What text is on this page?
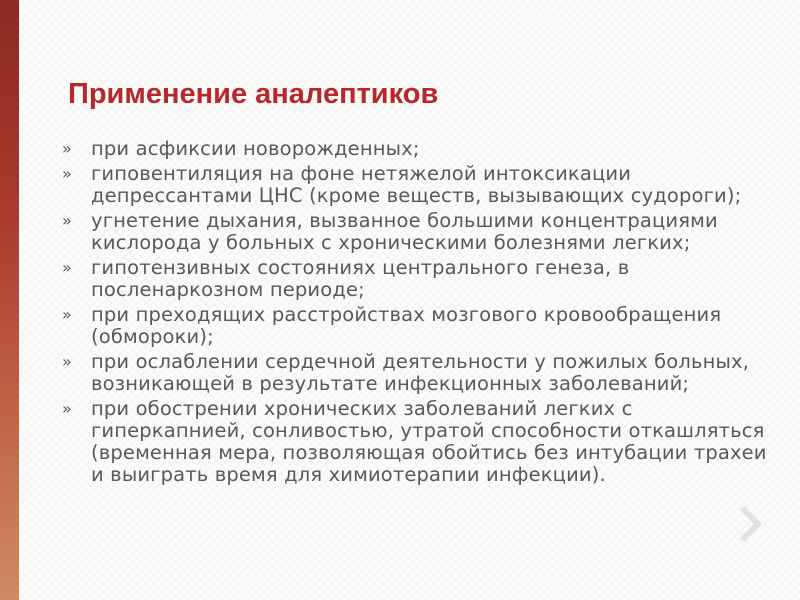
Применение аналептиков
» при асфиксии новорожденных;
» гиповентиляция на фоне нетяжелой интоксикации депрессантами ЦНС (кроме веществ, вызывающих судороги);
» угнетение дыхания, вызванное большими концентрациями кислорода у больных с хроническими болезнями легких;
» гипотензивных состояниях центрального генеза, в посленаркозном периоде;
» при преходящих расстройствах мозгового кровообращения (обмороки);
» при ослаблении сердечной деятельности у пожилых больных, возникающей в результате инфекционных заболеваний;
» при обострении хронических заболеваний легких с гиперкапнией, сонливостью, утратой способности откашляться (временная мера, позволяющая обойтись без интубации трахеи и выиграть время для химиотерапии инфекции).
